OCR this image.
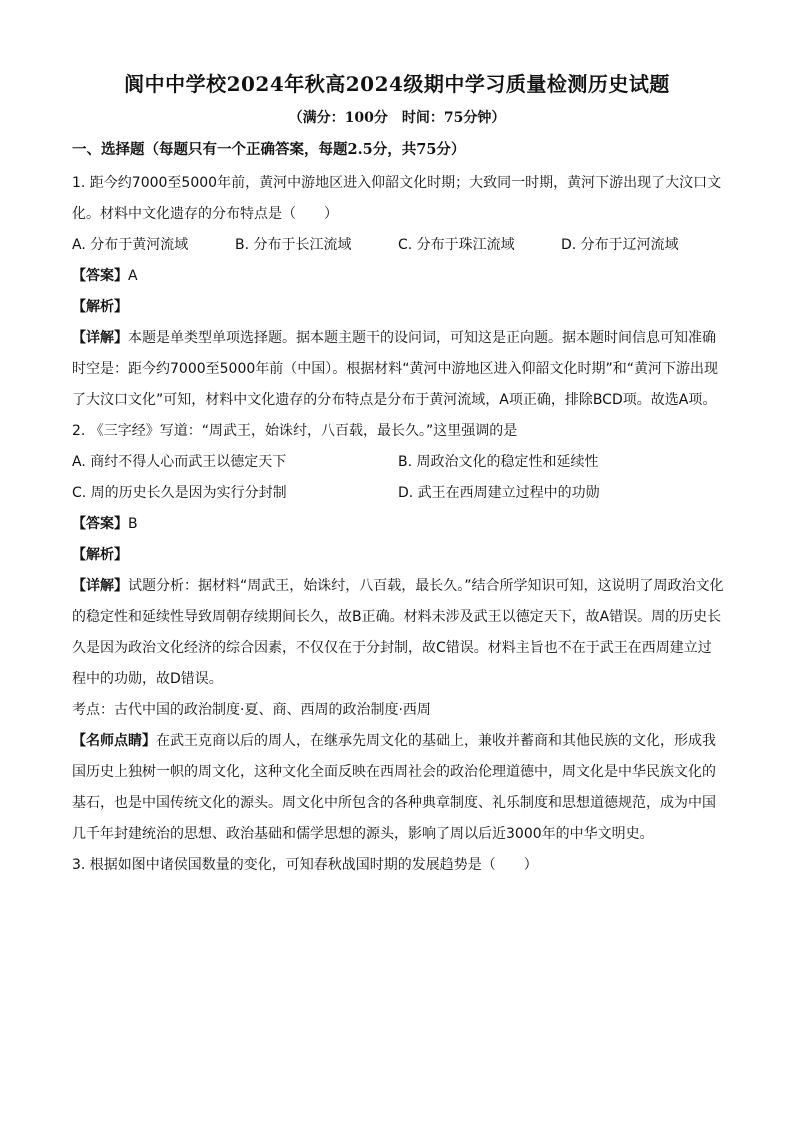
阆中中学校2024年秋高2024级期中学习质量检测历史试题
（满分：100分　时间：75分钟）
一、选择题（每题只有一个正确答案，每题2.5分，共75分）

1. 距今约7000至5000年前，黄河中游地区进入仰韶文化时期；大致同一时期，黄河下游出现了大汶口文化。材料中文化遗存的分布特点是（　　）

A. 分布于黄河流域	B. 分布于长江流域	C. 分布于珠江流域	D. 分布于辽河流域

【答案】A

【解析】

【详解】本题是单类型单项选择题。据本题主题干的设问词，可知这是正向题。据本题时间信息可知准确时空是：距今约7000至5000年前（中国）。根据材料“黄河中游地区进入仰韶文化时期”和“黄河下游出现了大汶口文化”可知，材料中文化遗存的分布特点是分布于黄河流域，A项正确，排除BCD项。故选A项。

2. 《三字经》写道：“周武王，始诛纣，八百载，最长久。”这里强调的是

A. 商纣不得人心而武王以德定天下	B. 周政治文化的稳定性和延续性
C. 周的历史长久是因为实行分封制	D. 武王在西周建立过程中的功勋

【答案】B

【解析】

【详解】试题分析：据材料“周武王，始诛纣，八百载，最长久。”结合所学知识可知，这说明了周政治文化的稳定性和延续性导致周朝存续期间长久，故B正确。材料未涉及武王以德定天下，故A错误。周的历史长久是因为政治文化经济的综合因素，不仅仅在于分封制，故C错误。材料主旨也不在于武王在西周建立过程中的功勋，故D错误。

考点：古代中国的政治制度·夏、商、西周的政治制度·西周

【名师点睛】在武王克商以后的周人，在继承先周文化的基础上，兼收并蓄商和其他民族的文化，形成我国历史上独树一帜的周文化，这种文化全面反映在西周社会的政治伦理道德中，周文化是中华民族文化的基石，也是中国传统文化的源头。周文化中所包含的各种典章制度、礼乐制度和思想道德规范，成为中国几千年封建统治的思想、政治基础和儒学思想的源头，影响了周以后近3000年的中华文明史。

3. 根据如图中诸侯国数量的变化，可知春秋战国时期的发展趋势是（　　）
